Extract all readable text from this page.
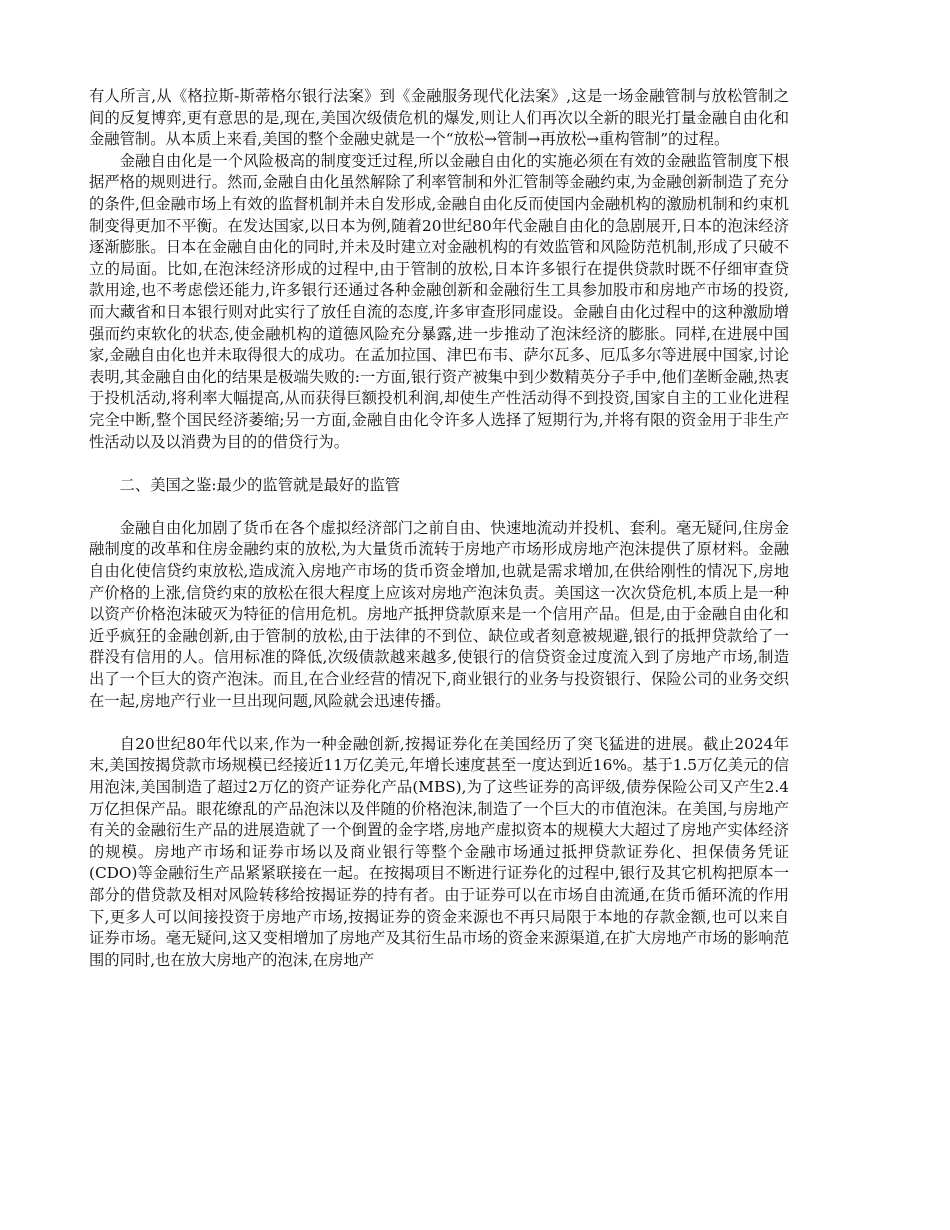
有人所言,从《格拉斯-斯蒂格尔银行法案》到《金融服务现代化法案》,这是一场金融管制与放松管制之间的反复博弈,更有意思的是,现在,美国次级债危机的爆发,则让人们再次以全新的眼光打量金融自由化和金融管制。从本质上来看,美国的整个金融史就是一个“放松→管制→再放松→重构管制”的过程。

金融自由化是一个风险极高的制度变迁过程,所以金融自由化的实施必须在有效的金融监管制度下根据严格的规则进行。然而,金融自由化虽然解除了利率管制和外汇管制等金融约束,为金融创新制造了充分的条件,但金融市场上有效的监督机制并未自发形成,金融自由化反而使国内金融机构的激励机制和约束机制变得更加不平衡。在发达国家,以日本为例,随着20世纪80年代金融自由化的急剧展开,日本的泡沫经济逐渐膨胀。日本在金融自由化的同时,并未及时建立对金融机构的有效监管和风险防范机制,形成了只破不立的局面。比如,在泡沫经济形成的过程中,由于管制的放松,日本许多银行在提供贷款时既不仔细审查贷款用途,也不考虑偿还能力,许多银行还通过各种金融创新和金融衍生工具参加股市和房地产市场的投资,而大藏省和日本银行则对此实行了放任自流的态度,许多审查形同虚设。金融自由化过程中的这种激励增强而约束软化的状态,使金融机构的道德风险充分暴露,进一步推动了泡沫经济的膨胀。同样,在进展中国家,金融自由化也并未取得很大的成功。在孟加拉国、津巴布韦、萨尔瓦多、厄瓜多尔等进展中国家,讨论表明,其金融自由化的结果是极端失败的:一方面,银行资产被集中到少数精英分子手中,他们垄断金融,热衷于投机活动,将利率大幅提高,从而获得巨额投机利润,却使生产性活动得不到投资,国家自主的工业化进程完全中断,整个国民经济萎缩;另一方面,金融自由化令许多人选择了短期行为,并将有限的资金用于非生产性活动以及以消费为目的的借贷行为。

二、美国之鉴:最少的监管就是最好的监管

金融自由化加剧了货币在各个虚拟经济部门之前自由、快速地流动并投机、套利。毫无疑问,住房金融制度的改革和住房金融约束的放松,为大量货币流转于房地产市场形成房地产泡沫提供了原材料。金融自由化使信贷约束放松,造成流入房地产市场的货币资金增加,也就是需求增加,在供给刚性的情况下,房地产价格的上涨,信贷约束的放松在很大程度上应该对房地产泡沫负责。美国这一次次贷危机,本质上是一种以资产价格泡沫破灭为特征的信用危机。房地产抵押贷款原来是一个信用产品。但是,由于金融自由化和近乎疯狂的金融创新,由于管制的放松,由于法律的不到位、缺位或者刻意被规避,银行的抵押贷款给了一群没有信用的人。信用标准的降低,次级债款越来越多,使银行的信贷资金过度流入到了房地产市场,制造出了一个巨大的资产泡沫。而且,在合业经营的情况下,商业银行的业务与投资银行、保险公司的业务交织在一起,房地产行业一旦出现问题,风险就会迅速传播。

自20世纪80年代以来,作为一种金融创新,按揭证券化在美国经历了突飞猛进的进展。截止2024年末,美国按揭贷款市场规模已经接近11万亿美元,年增长速度甚至一度达到近16%。基于1.5万亿美元的信用泡沫,美国制造了超过2万亿的资产证券化产品(MBS),为了这些证券的高评级,债券保险公司又产生2.4万亿担保产品。眼花缭乱的产品泡沫以及伴随的价格泡沫,制造了一个巨大的市值泡沫。在美国,与房地产有关的金融衍生产品的进展造就了一个倒置的金字塔,房地产虚拟资本的规模大大超过了房地产实体经济的规模。房地产市场和证券市场以及商业银行等整个金融市场通过抵押贷款证券化、担保债务凭证(CDO)等金融衍生产品紧紧联接在一起。在按揭项目不断进行证券化的过程中,银行及其它机构把原本一部分的借贷款及相对风险转移给按揭证券的持有者。由于证券可以在市场自由流通,在货币循环流的作用下,更多人可以间接投资于房地产市场,按揭证券的资金来源也不再只局限于本地的存款金额,也可以来自证券市场。毫无疑问,这又变相增加了房地产及其衍生品市场的资金来源渠道,在扩大房地产市场的影响范围的同时,也在放大房地产的泡沫,在房地产
